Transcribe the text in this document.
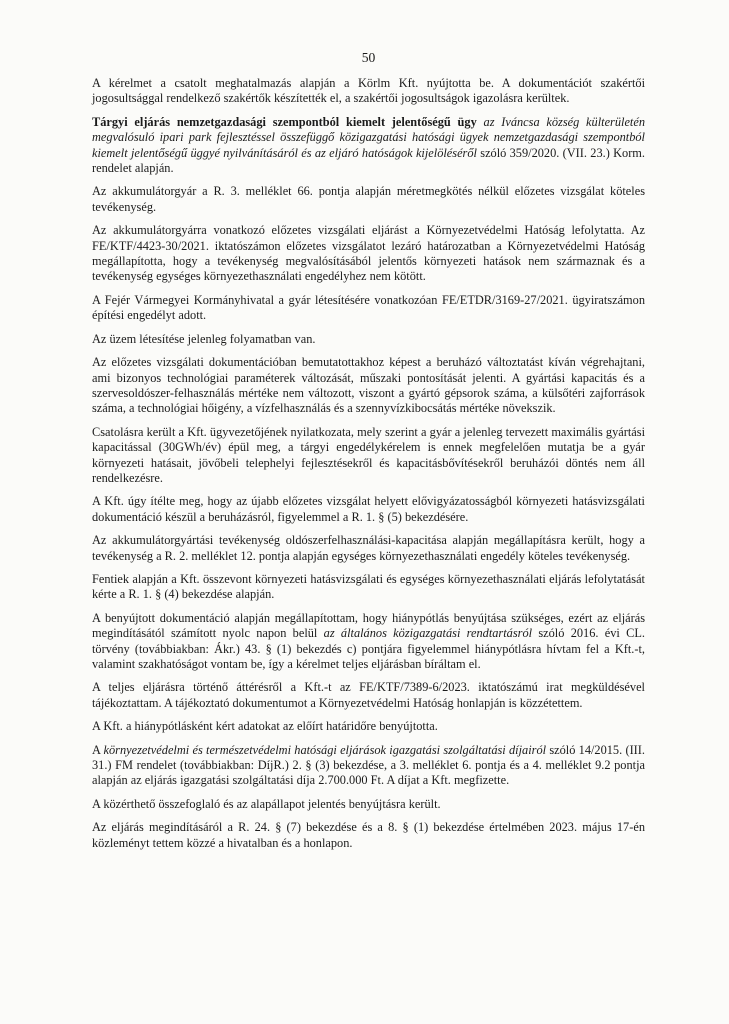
50

A kérelmet a csatolt meghatalmazás alapján a Körlm Kft. nyújtotta be. A dokumentációt szakértői jogosultsággal rendelkező szakértők készítették el, a szakértői jogosultságok igazolásra kerültek.

Tárgyi eljárás nemzetgazdasági szempontból kiemelt jelentőségű ügy az Iváncsa község külterületén megvalósuló ipari park fejlesztéssel összefüggő közigazgatási hatósági ügyek nemzetgazdasági szempontból kiemelt jelentőségű üggyé nyilvánításáról és az eljáró hatóságok kijelöléséről szóló 359/2020. (VII. 23.) Korm. rendelet alapján.

Az akkumulátorgyár a R. 3. melléklet 66. pontja alapján méretmegkötés nélkül előzetes vizsgálat köteles tevékenység.

Az akkumulátorgyárra vonatkozó előzetes vizsgálati eljárást a Környezetvédelmi Hatóság lefolytatta. Az FE/KTF/4423-30/2021. iktatószámon előzetes vizsgálatot lezáró határozatban a Környezetvédelmi Hatóság megállapította, hogy a tevékenység megvalósításából jelentős környezeti hatások nem származnak és a tevékenység egységes környezethasználati engedélyhez nem kötött.

A Fejér Vármegyei Kormányhivatal a gyár létesítésére vonatkozóan FE/ETDR/3169-27/2021. ügyiratszámon építési engedélyt adott.

Az üzem létesítése jelenleg folyamatban van.

Az előzetes vizsgálati dokumentációban bemutatottakhoz képest a beruházó változtatást kíván végrehajtani, ami bizonyos technológiai paraméterek változását, műszaki pontosítását jelenti. A gyártási kapacitás és a szervesoldószer-felhasználás mértéke nem változott, viszont a gyártó gépsorok száma, a külsőtéri zajforrások száma, a technológiai hőigény, a vízfelhasználás és a szennyvízkibocsátás mértéke növekszik.

Csatolásra került a Kft. ügyvezetőjének nyilatkozata, mely szerint a gyár a jelenleg tervezett maximális gyártási kapacitással (30GWh/év) épül meg, a tárgyi engedélykérelem is ennek megfelelően mutatja be a gyár környezeti hatásait, jövőbeli telephelyi fejlesztésekről és kapacitásbővítésekről beruházói döntés nem áll rendelkezésre.

A Kft. úgy ítélte meg, hogy az újabb előzetes vizsgálat helyett elővigyázatosságból környezeti hatásvizsgálati dokumentáció készül a beruházásról, figyelemmel a R. 1. § (5) bekezdésére.

Az akkumulátorgyártási tevékenység oldószerfelhasználási-kapacitása alapján megállapításra került, hogy a tevékenység a R. 2. melléklet 12. pontja alapján egységes környezethasználati engedély köteles tevékenység.

Fentiek alapján a Kft. összevont környezeti hatásvizsgálati és egységes környezethasználati eljárás lefolytatását kérte a R. 1. § (4) bekezdése alapján.

A benyújtott dokumentáció alapján megállapítottam, hogy hiánypótlás benyújtása szükséges, ezért az eljárás megindításától számított nyolc napon belül az általános közigazgatási rendtartásról szóló 2016. évi CL. törvény (továbbiakban: Ákr.) 43. § (1) bekezdés c) pontjára figyelemmel hiánypótlásra hívtam fel a Kft.-t, valamint szakhatóságot vontam be, így a kérelmet teljes eljárásban bíráltam el.

A teljes eljárásra történő áttérésről a Kft.-t az FE/KTF/7389-6/2023. iktatószámú irat megküldésével tájékoztattam. A tájékoztató dokumentumot a Környezetvédelmi Hatóság honlapján is közzétettem.

A Kft. a hiánypótlásként kért adatokat az előírt határidőre benyújtotta.

A környezetvédelmi és természetvédelmi hatósági eljárások igazgatási szolgáltatási díjairól szóló 14/2015. (III. 31.) FM rendelet (továbbiakban: DíjR.) 2. § (3) bekezdése, a 3. melléklet 6. pontja és a 4. melléklet 9.2 pontja alapján az eljárás igazgatási szolgáltatási díja 2.700.000 Ft. A díjat a Kft. megfizette.

A közérthető összefoglaló és az alapállapot jelentés benyújtásra került.

Az eljárás megindításáról a R. 24. § (7) bekezdése és a 8. § (1) bekezdése értelmében 2023. május 17-én közleményt tettem közzé a hivatalban és a honlapon.
